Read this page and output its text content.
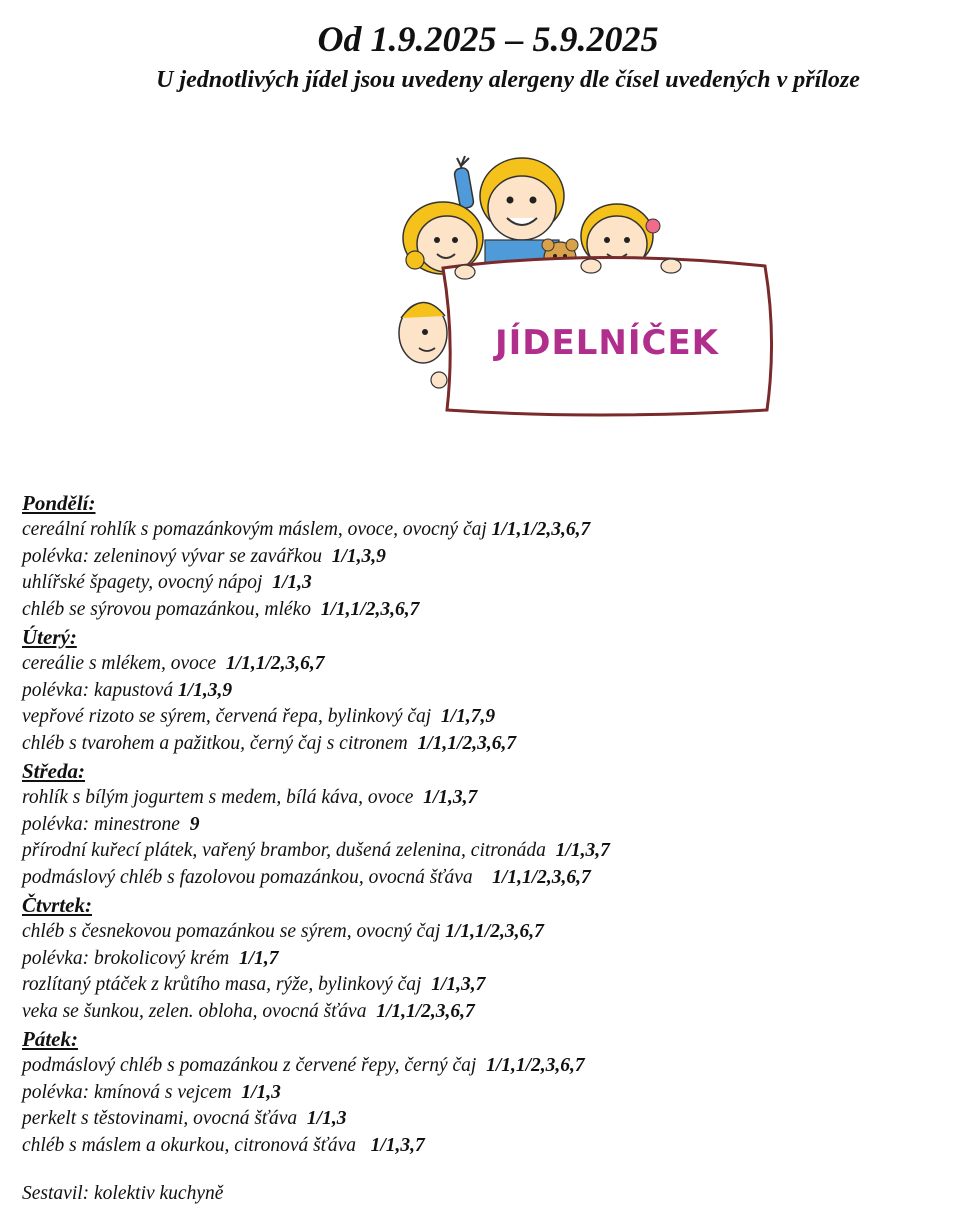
Od 1.9.2025 – 5.9.2025
U jednotlivých jídel jsou uvedeny alergeny dle čísel uvedených v příloze
JÍDELNÍČEK
Pondělí:
cereální rohlík s pomazánkovým máslem, ovoce, ovocný čaj 1/1,1/2,3,6,7
polévka: zeleninový vývar se zavářkou  1/1,3,9
uhlířské špagety, ovocný nápoj  1/1,3
chléb se sýrovou pomazánkou, mléko  1/1,1/2,3,6,7
Úterý:
cereálie s mlékem, ovoce  1/1,1/2,3,6,7
polévka: kapustová 1/1,3,9
vepřové rizoto se sýrem, červená řepa, bylinkový čaj  1/1,7,9
chléb s tvarohem a pažitkou, černý čaj s citronem  1/1,1/2,3,6,7
Středa:
rohlík s bílým jogurtem s medem, bílá káva, ovoce  1/1,3,7
polévka: minestrone  9
přírodní kuřecí plátek, vařený brambor, dušená zelenina, citronáda  1/1,3,7
podmáslový chléb s fazolovou pomazánkou, ovocná šťáva    1/1,1/2,3,6,7
Čtvrtek:
chléb s česnekovou pomazánkou se sýrem, ovocný čaj 1/1,1/2,3,6,7
polévka: brokolicový krém  1/1,7
rozlítaný ptáček z krůtího masa, rýže, bylinkový čaj  1/1,3,7
veka se šunkou, zelen. obloha, ovocná šťáva  1/1,1/2,3,6,7
Pátek:
podmáslový chléb s pomazánkou z červené řepy, černý čaj  1/1,1/2,3,6,7
polévka: kmínová s vejcem  1/1,3
perkelt s těstovinami, ovocná šťáva  1/1,3
chléb s máslem a okurkou, citronová šťáva   1/1,3,7
Sestavil: kolektiv kuchyně
